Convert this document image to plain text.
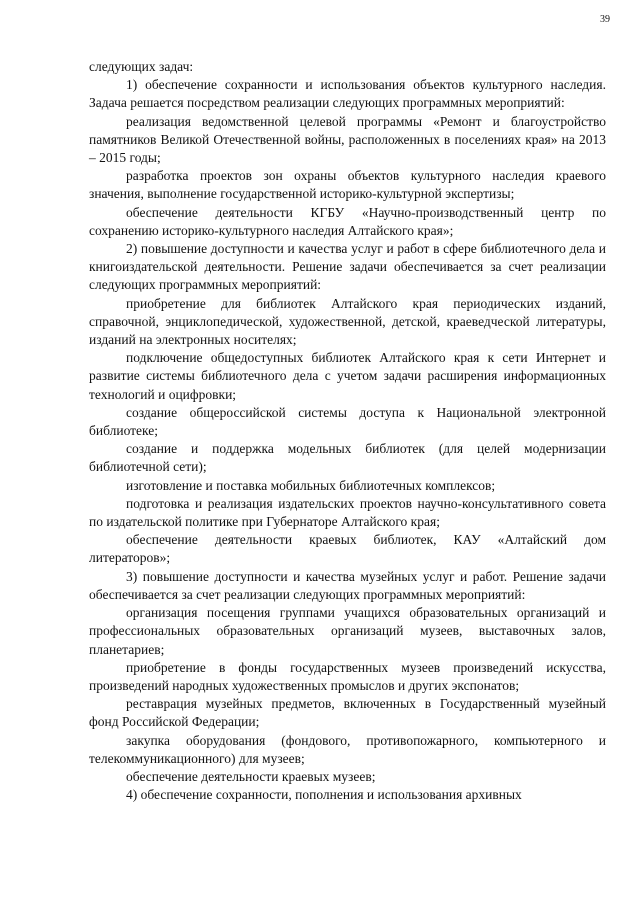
39

следующих задач:

1) обеспечение сохранности и использования объектов культурного наследия. Задача решается посредством реализации следующих программных мероприятий:

реализация ведомственной целевой программы «Ремонт и благоустройство памятников Великой Отечественной войны, расположенных в поселениях края» на 2013 – 2015 годы;

разработка проектов зон охраны объектов культурного наследия краевого значения, выполнение государственной историко-культурной экспертизы;

обеспечение деятельности КГБУ «Научно-производственный центр по сохранению историко-культурного наследия Алтайского края»;

2) повышение доступности и качества услуг и работ в сфере библиотечного дела и книгоиздательской деятельности. Решение задачи обеспечивается за счет реализации следующих программных мероприятий:

приобретение для библиотек Алтайского края периодических изданий, справочной, энциклопедической, художественной, детской, краеведческой литературы, изданий на электронных носителях;

подключение общедоступных библиотек Алтайского края к сети Интернет и развитие системы библиотечного дела с учетом задачи расширения информационных технологий и оцифровки;

создание общероссийской системы доступа к Национальной электронной библиотеке;

создание и поддержка модельных библиотек (для целей модернизации библиотечной сети);

изготовление и поставка мобильных библиотечных комплексов;

подготовка и реализация издательских проектов научно-консультативного совета по издательской политике при Губернаторе Алтайского края;

обеспечение деятельности краевых библиотек, КАУ «Алтайский дом литераторов»;

3) повышение доступности и качества музейных услуг и работ. Решение задачи обеспечивается за счет реализации следующих программных мероприятий:

организация посещения группами учащихся образовательных организаций и профессиональных образовательных организаций музеев, выставочных залов, планетариев;

приобретение в фонды государственных музеев произведений искусства, произведений народных художественных промыслов и других экспонатов;

реставрация музейных предметов, включенных в Государственный музейный фонд Российской Федерации;

закупка оборудования (фондового, противопожарного, компьютерного и телекоммуникационного) для музеев;

обеспечение деятельности краевых музеев;

4) обеспечение сохранности, пополнения и использования архивных
